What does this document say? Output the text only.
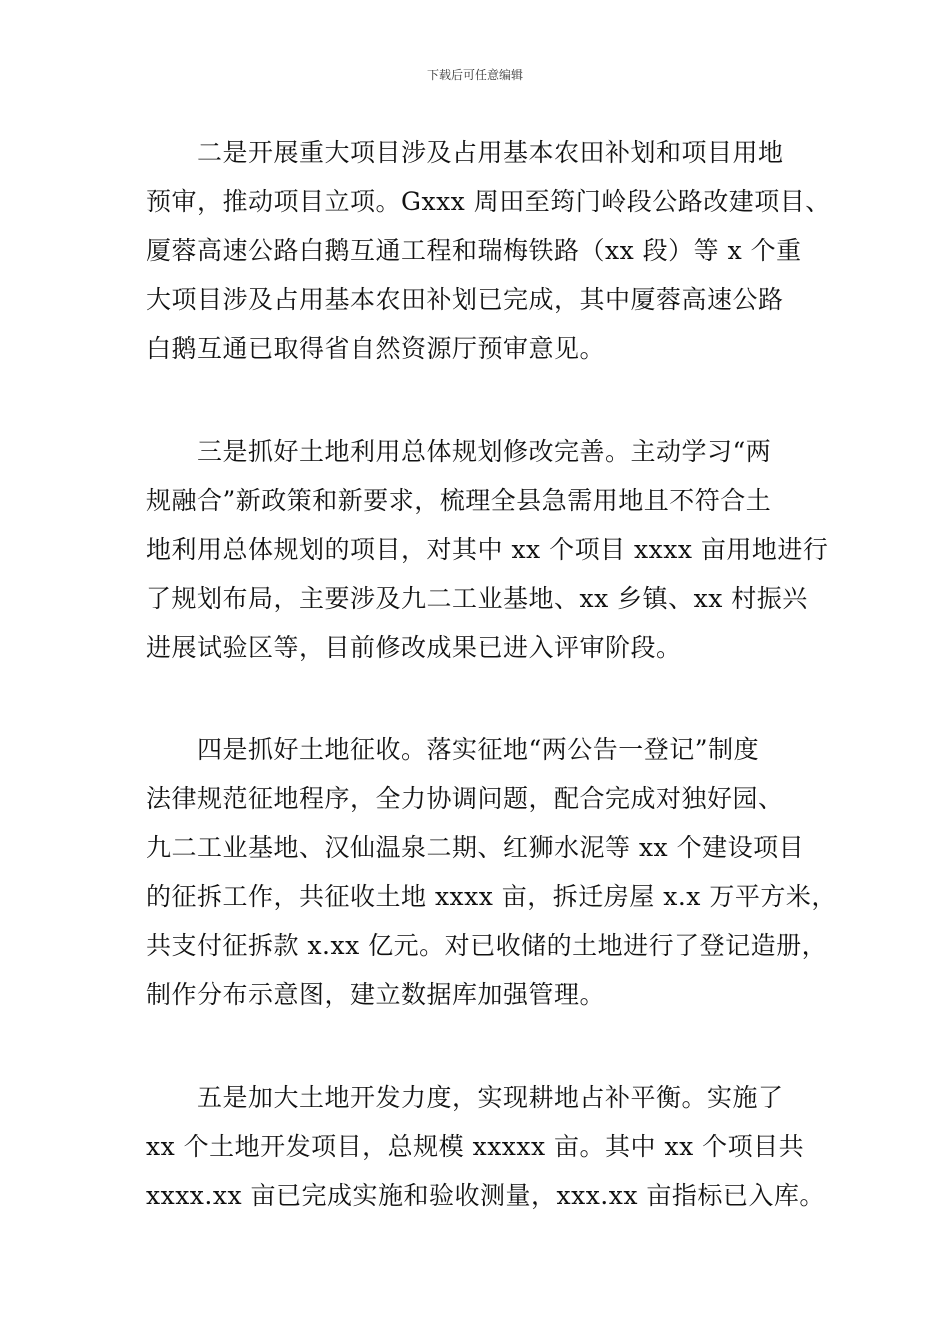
下载后可任意编辑
　　二是开展重大项目涉及占用基本农田补划和项目用地
预审，推动项目立项。Gxxx 周田至筠门岭段公路改建项目、
厦蓉高速公路白鹅互通工程和瑞梅铁路（xx 段）等 x 个重
大项目涉及占用基本农田补划已完成，其中厦蓉高速公路
白鹅互通已取得省自然资源厅预审意见。
　　三是抓好土地利用总体规划修改完善。主动学习“两
规融合”新政策和新要求，梳理全县急需用地且不符合土
地利用总体规划的项目，对其中 xx 个项目 xxxx 亩用地进行
了规划布局，主要涉及九二工业基地、xx 乡镇、xx 村振兴
进展试验区等，目前修改成果已进入评审阶段。
　　四是抓好土地征收。落实征地“两公告一登记”制度
法律规范征地程序，全力协调问题，配合完成对独好园、
九二工业基地、汉仙温泉二期、红狮水泥等 xx 个建设项目
的征拆工作，共征收土地 xxxx 亩，拆迁房屋 x.x 万平方米，
共支付征拆款 x.xx 亿元。对已收储的土地进行了登记造册，
制作分布示意图，建立数据库加强管理。
　　五是加大土地开发力度，实现耕地占补平衡。实施了
xx 个土地开发项目，总规模 xxxxx 亩。其中 xx 个项目共
xxxx.xx 亩已完成实施和验收测量，xxx.xx 亩指标已入库。
